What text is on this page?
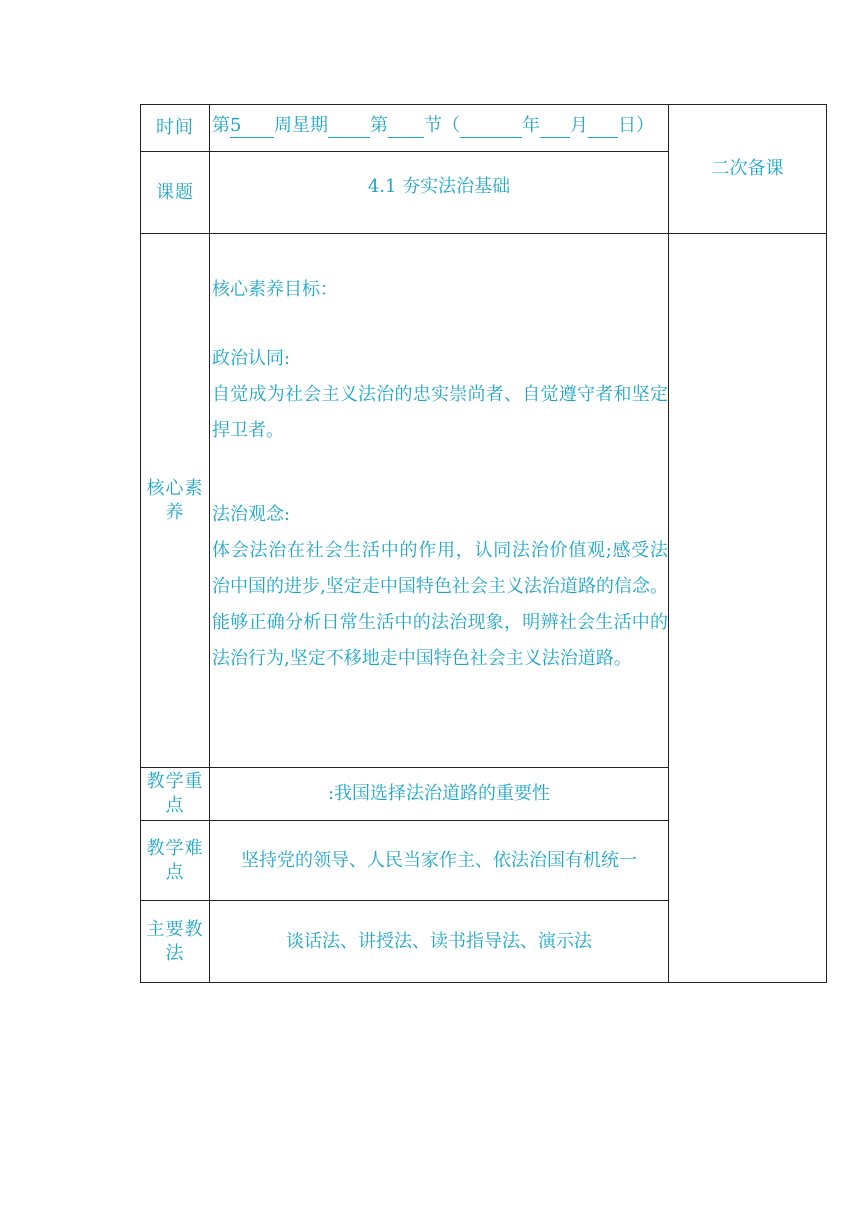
时间	第5 周星期 第 节（ 年 月 日）	二次备课
课题	4.1 夯实法治基础	
核心素养	核心素养目标：

政治认同:

自觉成为社会主义法治的忠实崇尚者、自觉遵守者和坚定捍卫者。

法治观念:

体会法治在社会生活中的作用，认同法治价值观;感受法治中国的进步,坚定走中国特色社会主义法治道路的信念。能够正确分析日常生活中的法治现象，明辨社会生活中的法治行为,坚定不移地走中国特色社会主义法治道路。	

教学重点	:我国选择法治道路的重要性	
教学难点	坚持党的领导、人民当家作主、依法治国有机统一	
主要教法	谈话法、讲授法、读书指导法、演示法	
